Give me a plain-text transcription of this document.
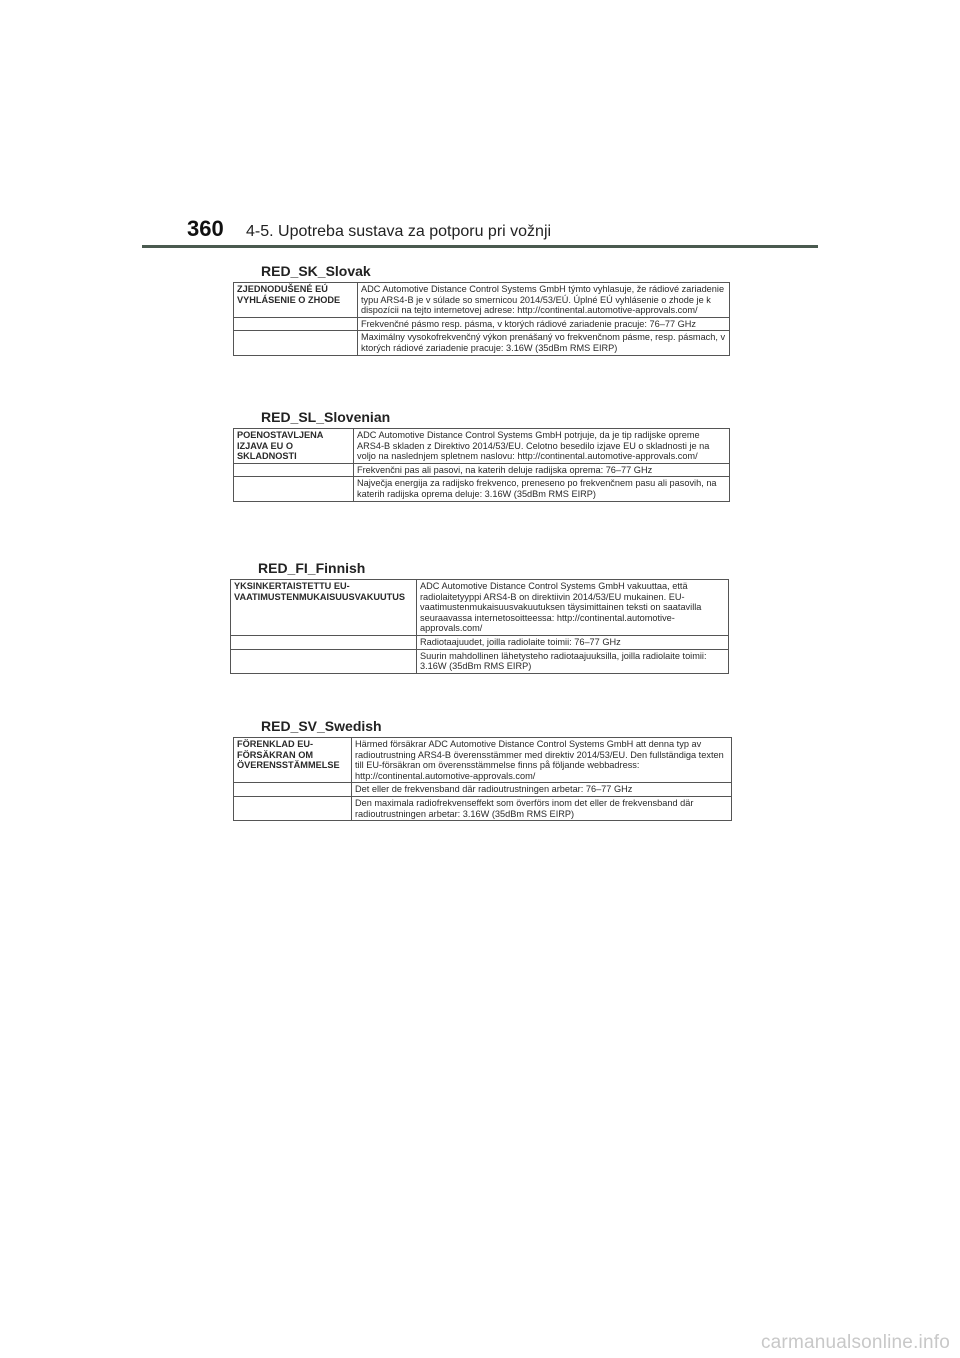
360 4-5. Upotreba sustava za potporu pri vožnji
RED_SK_Slovak
ZJEDNODUŠENÉ EÚ VYHLÁSENIE O ZHODE	ADC Automotive Distance Control Systems GmbH týmto vyhlasuje, že rádiové zariadenie typu ARS4-B je v súlade so smernicou 2014/53/EÚ. Úplné EÚ vyhlásenie o zhode je k dispozícii na tejto internetovej adrese: http://continental.automotive-approvals.com/
	Frekvenčné pásmo resp. pásma, v ktorých rádiové zariadenie pracuje: 76–77 GHz
	Maximálny vysokofrekvenčný výkon prenášaný vo frekvenčnom pásme, resp. pásmach, v ktorých rádiové zariadenie pracuje: 3.16W (35dBm RMS EIRP)
RED_SL_Slovenian
POENOSTAVLJENA IZJAVA EU O SKLADNOSTI	ADC Automotive Distance Control Systems GmbH potrjuje, da je tip radijske opreme ARS4-B skladen z Direktivo 2014/53/EU. Celotno besedilo izjave EU o skladnosti je na voljo na naslednjem spletnem naslovu: http://continental.automotive-approvals.com/
	Frekvenčni pas ali pasovi, na katerih deluje radijska oprema: 76–77 GHz
	Največja energija za radijsko frekvenco, preneseno po frekvenčnem pasu ali pasovih, na katerih radijska oprema deluje: 3.16W (35dBm RMS EIRP)
RED_FI_Finnish
YKSINKERTAISTETTU EU-VAATIMUSTENMUKAISUUSVAKUUTUS	ADC Automotive Distance Control Systems GmbH vakuuttaa, että radiolaitetyyppi ARS4-B on direktiivin 2014/53/EU mukainen. EU-vaatimustenmukaisuusvakuutuksen täysimittainen teksti on saatavilla seuraavassa internetosoitteessa: http://continental.automotive-approvals.com/
	Radiotaajuudet, joilla radiolaite toimii: 76–77 GHz
	Suurin mahdollinen lähetysteho radiotaajuuksilla, joilla radiolaite toimii: 3.16W (35dBm RMS EIRP)
RED_SV_Swedish
FÖRENKLAD EU-FÖRSÄKRAN OM ÖVERENSSTÄMMELSE	Härmed försäkrar ADC Automotive Distance Control Systems GmbH att denna typ av radioutrustning ARS4-B överensstämmer med direktiv 2014/53/EU. Den fullständiga texten till EU-försäkran om överensstämmelse finns på följande webbadress: http://continental.automotive-approvals.com/
	Det eller de frekvensband där radioutrustningen arbetar: 76–77 GHz
	Den maximala radiofrekvenseffekt som överförs inom det eller de frekvensband där radioutrustningen arbetar: 3.16W (35dBm RMS EIRP)
carmanualsonline.info
